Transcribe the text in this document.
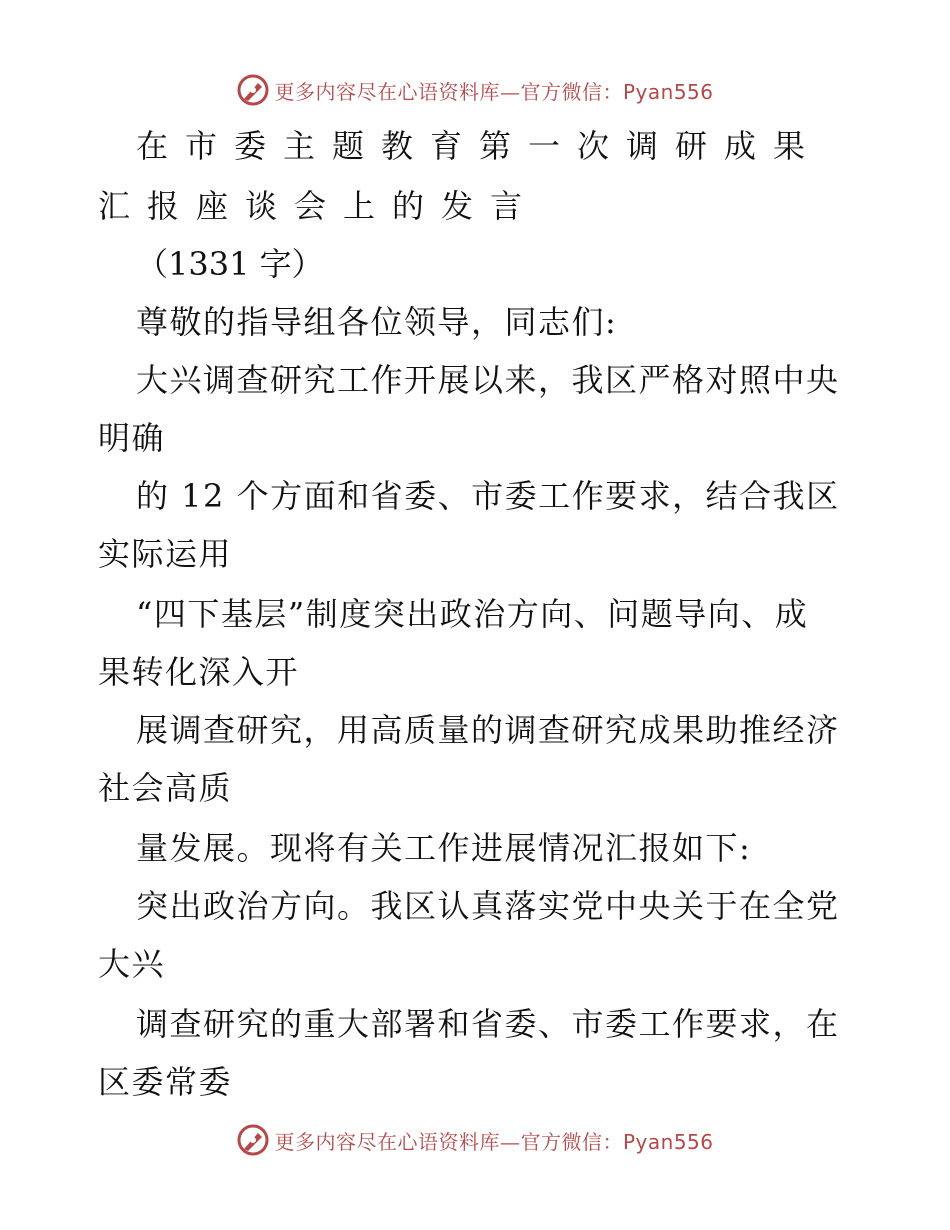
更多内容尽在心语资料库—官方微信：Pyan556
在市委主题教育第一次调研成果
汇报座谈会上的发言
（1331 字）
尊敬的指导组各位领导，同志们:
大兴调查研究工作开展以来，我区严格对照中央
明确
的 12 个方面和省委、市委工作要求，结合我区
实际运用
“四下基层”制度突出政治方向、问题导向、成
果转化深入开
展调查研究，用高质量的调查研究成果助推经济
社会高质
量发展。现将有关工作进展情况汇报如下:
突出政治方向。我区认真落实党中央关于在全党
大兴
调查研究的重大部署和省委、市委工作要求，在
区委常委
更多内容尽在心语资料库—官方微信：Pyan556
